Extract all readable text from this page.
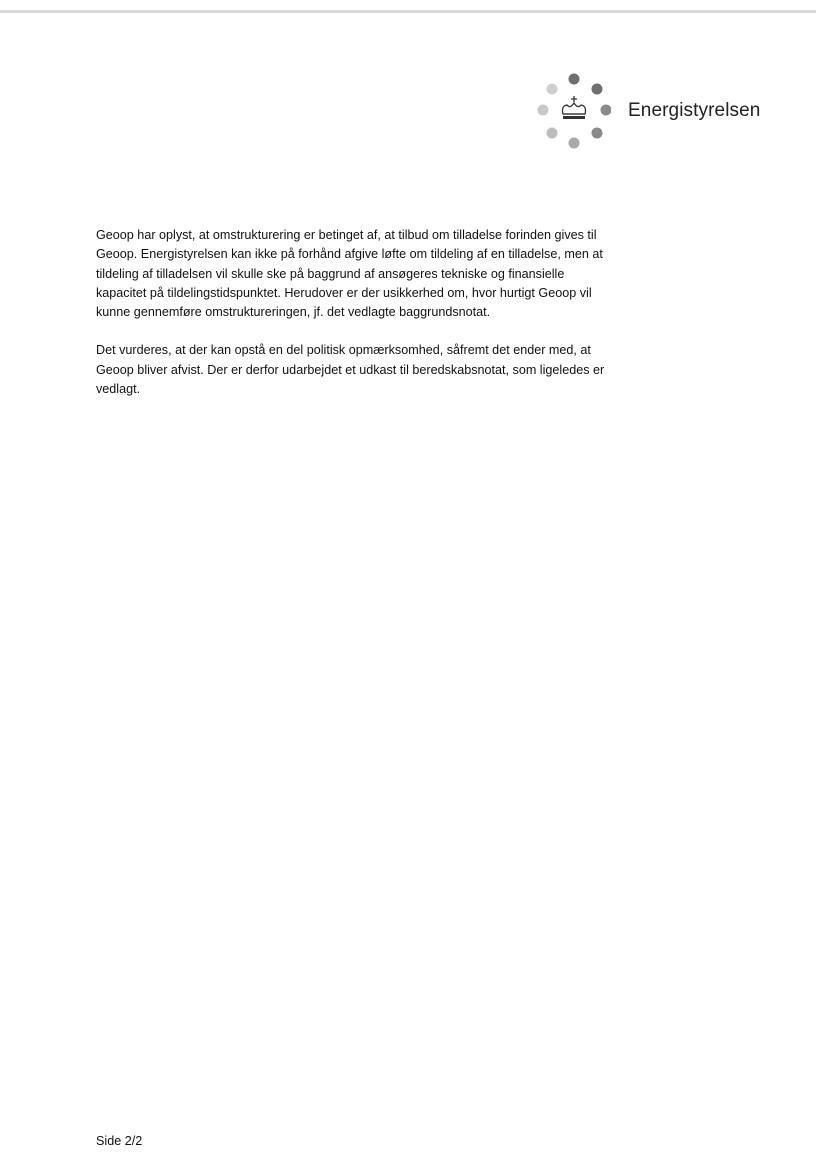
Energistyrelsen

Geoop har oplyst, at omstrukturering er betinget af, at tilbud om tilladelse forinden gives til Geoop. Energistyrelsen kan ikke på forhånd afgive løfte om tildeling af en tilladelse, men at tildeling af tilladelsen vil skulle ske på baggrund af ansøgeres tekniske og finansielle kapacitet på tildelingstidspunktet. Herudover er der usikkerhed om, hvor hurtigt Geoop vil kunne gennemføre omstruktureringen, jf. det vedlagte baggrundsnotat.

Det vurderes, at der kan opstå en del politisk opmærksomhed, såfremt det ender med, at Geoop bliver afvist. Der er derfor udarbejdet et udkast til beredskabsnotat, som ligeledes er vedlagt.

Side 2/2
